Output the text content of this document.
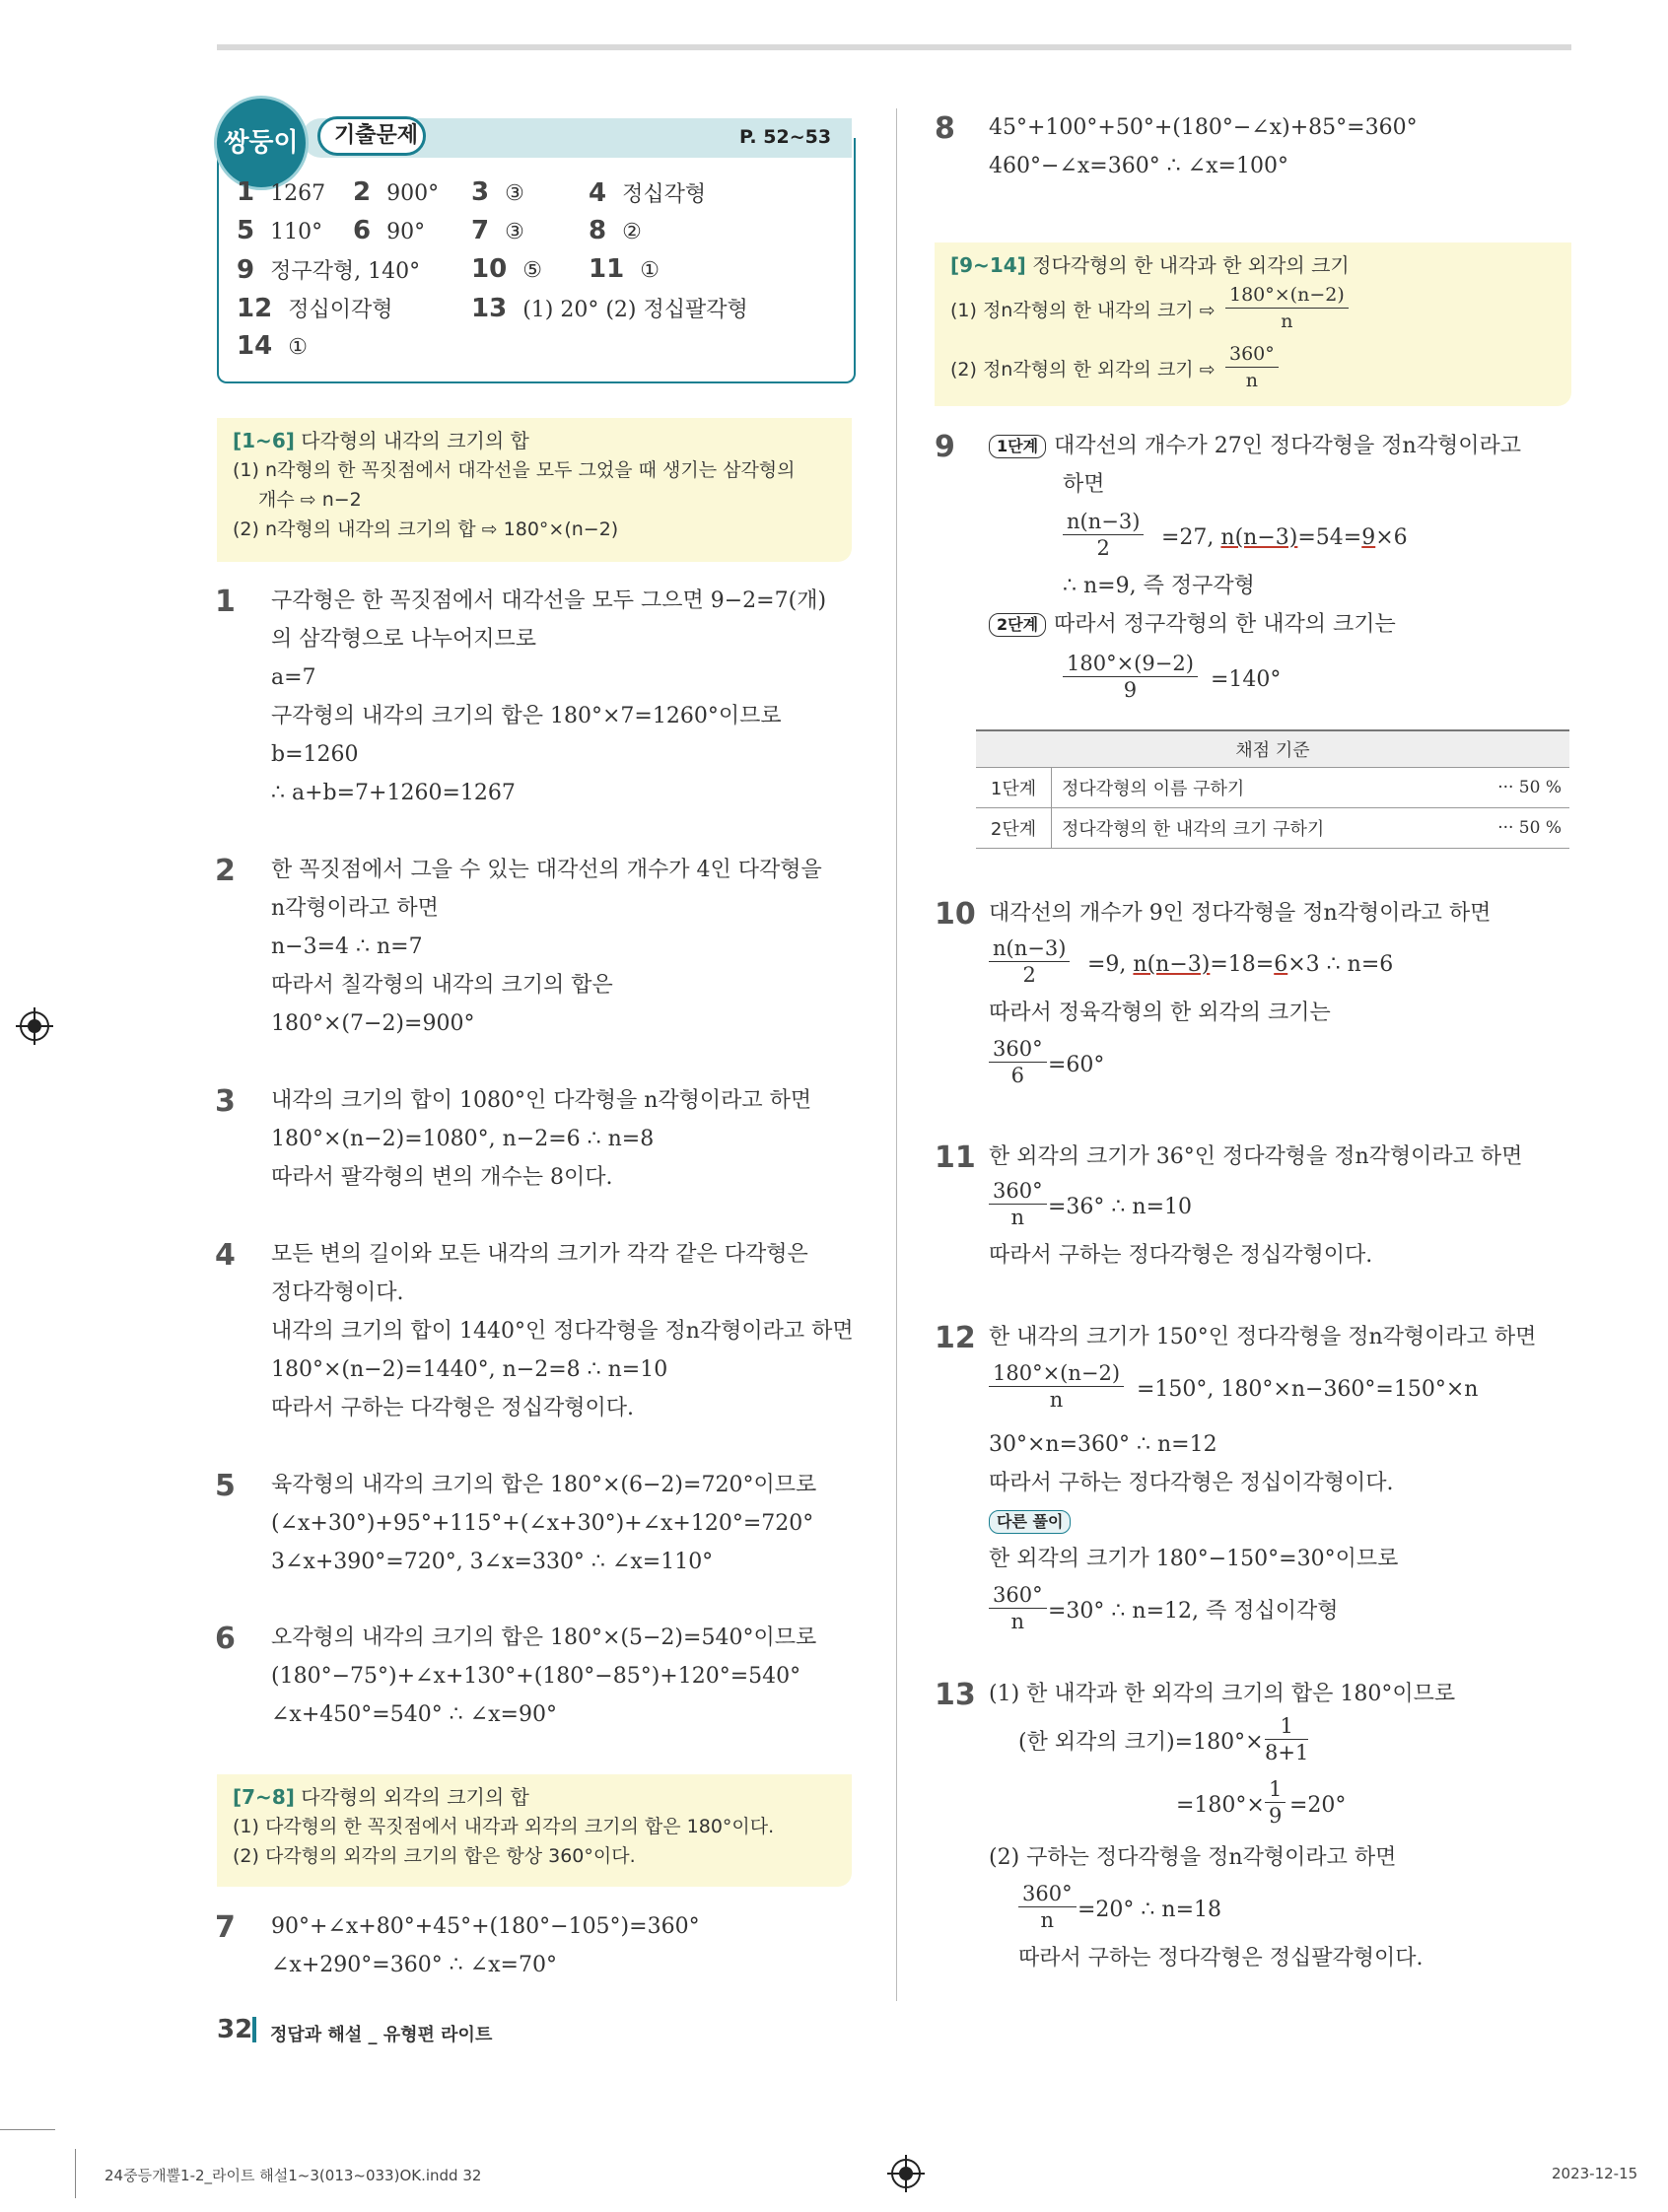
기출문제	P. 52~53
쌍둥이
1 1267 2 900° 3 ③	4 정십각형
5 110° 6 90° 7 ③	8 ②
9 정구각형, 140° 10 ⑤ 11 ①
12 정십이각형	13 (1) 20° (2) 정십팔각형
14 ①
[1~6] 다각형의 내각의 크기의 합
(1) n각형의 한 꼭짓점에서 대각선을 모두 그었을 때 생기는 삼각형의
개수 ⇨ n−2
(2) n각형의 내각의 크기의 합 ⇨ 180°×(n−2)
1 구각형은 한 꼭짓점에서 대각선을 모두 그으면 9−2=7(개)
의 삼각형으로 나누어지므로
a=7
구각형의 내각의 크기의 합은 180°×7=1260°이므로
b=1260
∴ a+b=7+1260=1267
2 한 꼭짓점에서 그을 수 있는 대각선의 개수가 4인 다각형을
n각형이라고 하면
n−3=4 ∴ n=7
따라서 칠각형의 내각의 크기의 합은
180°×(7−2)=900°
3 내각의 크기의 합이 1080°인 다각형을 n각형이라고 하면
180°×(n−2)=1080°, n−2=6 ∴ n=8
따라서 팔각형의 변의 개수는 8이다.
4 모든 변의 길이와 모든 내각의 크기가 각각 같은 다각형은
정다각형이다.
내각의 크기의 합이 1440°인 정다각형을 정n각형이라고 하면
180°×(n−2)=1440°, n−2=8 ∴ n=10
따라서 구하는 다각형은 정십각형이다.
5 육각형의 내각의 크기의 합은 180°×(6−2)=720°이므로
(∠x+30°)+95°+115°+(∠x+30°)+∠x+120°=720°
3∠x+390°=720°, 3∠x=330° ∴ ∠x=110°
6 오각형의 내각의 크기의 합은 180°×(5−2)=540°이므로
(180°−75°)+∠x+130°+(180°−85°)+120°=540°
∠x+450°=540° ∴ ∠x=90°
[7~8] 다각형의 외각의 크기의 합
(1) 다각형의 한 꼭짓점에서 내각과 외각의 크기의 합은 180°이다.
(2) 다각형의 외각의 크기의 합은 항상 360°이다.
7 90°+∠x+80°+45°+(180°−105°)=360°
∠x+290°=360° ∴ ∠x=70°
8 45°+100°+50°+(180°−∠x)+85°=360°
460°−∠x=360° ∴ ∠x=100°
[9~14] 정다각형의 한 내각과 한 외각의 크기
(1) 정n각형의 한 내각의 크기 ⇨
180°×(n−2)
n
(2) 정n각형의 한 외각의 크기 ⇨
360°
n
9	1단계 대각선의 개수가 27인 정다각형을 정n각형이라고
하면
n(n−3)
2	=27, n(n−3)=54=9×6
∴ n=9, 즉 정구각형
2단계 따라서 정구각형의 한 내각의 크기는
180°×(9−2)
9	=140°
채점 기준		
1단계	정다각형의 이름 구하기	··· 50 %
2단계	정다각형의 한 내각의 크기 구하기	··· 50 %
10 대각선의 개수가 9인 정다각형을 정n각형이라고 하면
n(n−3)
2	=9, n(n−3)=18=6×3 ∴ n=6
따라서 정육각형의 한 외각의 크기는
360°
6	=60°
11 한 외각의 크기가 36°인 정다각형을 정n각형이라고 하면
360°
n	=36° ∴ n=10
따라서 구하는 정다각형은 정십각형이다.
12 한 내각의 크기가 150°인 정다각형을 정n각형이라고 하면
180°×(n−2)
n	=150°, 180°×n−360°=150°×n
30°×n=360° ∴ n=12
따라서 구하는 정다각형은 정십이각형이다.
다른 풀이
한 외각의 크기가 180°−150°=30°이므로
360°
n	=30° ∴ n=12, 즉 정십이각형
13 (1) 한 내각과 한 외각의 크기의 합은 180°이므로
(한 외각의 크기)=180°×
1
8+1
=180°×
1
9 =20°
(2) 구하는 정다각형을 정n각형이라고 하면
360°
n	=20° ∴ n=18
따라서 구하는 정다각형은 정십팔각형이다.
32 정답과 해설 _ 유형편 라이트
24중등개뿔1-2_라이트 해설1~3(013~033)OK.indd 32	2023-12-15
